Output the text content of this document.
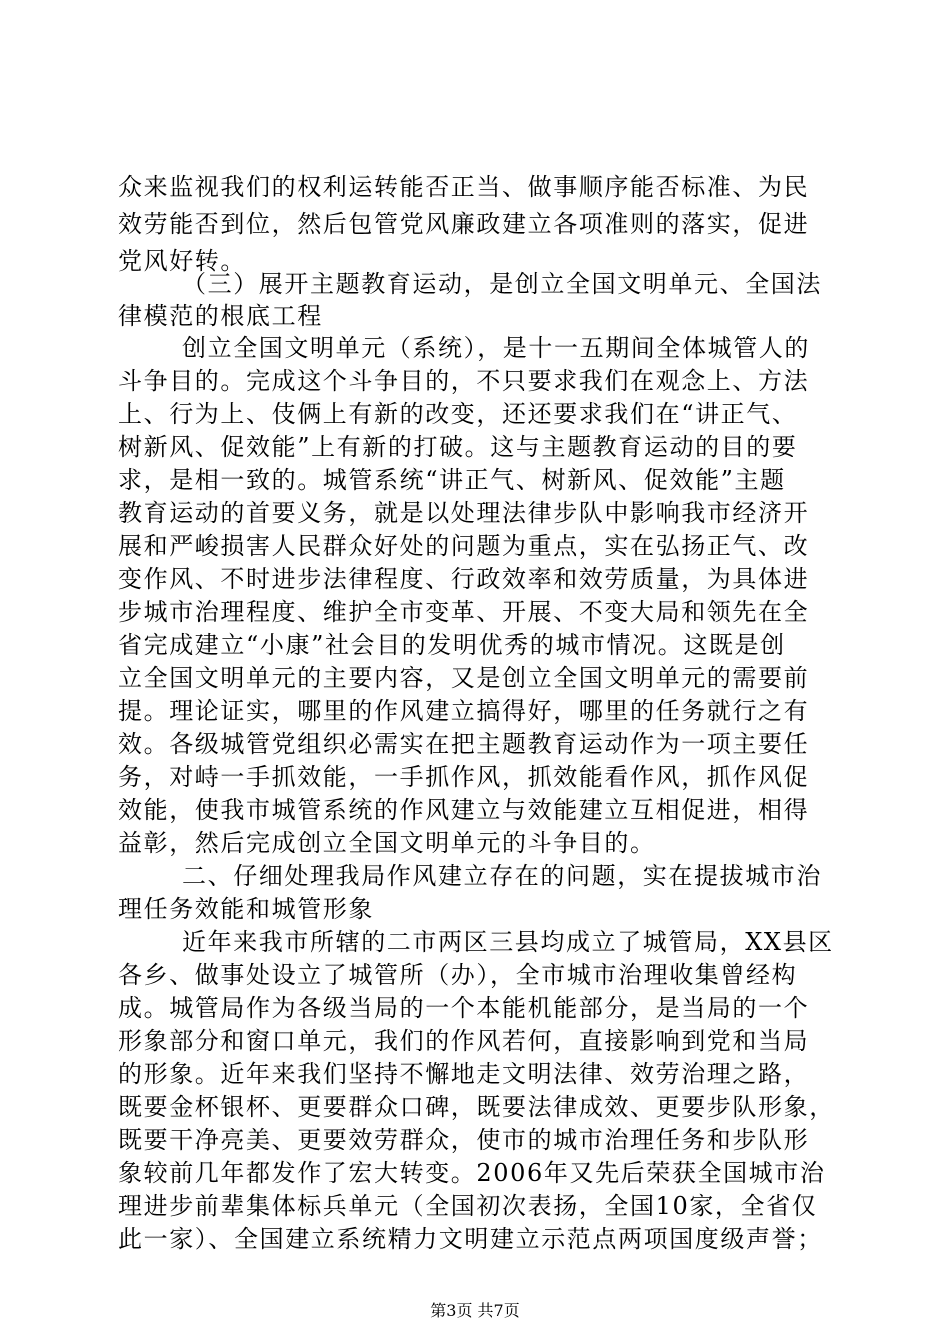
众来监视我们的权利运转能否正当、做事顺序能否标准、为民
效劳能否到位，然后包管党风廉政建立各项准则的落实，促进
党风好转。
（三）展开主题教育运动，是创立全国文明单元、全国法
律模范的根底工程
创立全国文明单元（系统），是十一五期间全体城管人的
斗争目的。完成这个斗争目的，不只要求我们在观念上、方法
上、行为上、伎俩上有新的改变，还还要求我们在“讲正气、
树新风、促效能”上有新的打破。这与主题教育运动的目的要
求，是相一致的。城管系统“讲正气、树新风、促效能”主题
教育运动的首要义务，就是以处理法律步队中影响我市经济开
展和严峻损害人民群众好处的问题为重点，实在弘扬正气、改
变作风、不时进步法律程度、行政效率和效劳质量，为具体进
步城市治理程度、维护全市变革、开展、不变大局和领先在全
省完成建立“小康”社会目的发明优秀的城市情况。这既是创
立全国文明单元的主要内容，又是创立全国文明单元的需要前
提。理论证实，哪里的作风建立搞得好，哪里的任务就行之有
效。各级城管党组织必需实在把主题教育运动作为一项主要任
务，对峙一手抓效能，一手抓作风，抓效能看作风，抓作风促
效能，使我市城管系统的作风建立与效能建立互相促进，相得
益彰，然后完成创立全国文明单元的斗争目的。
二、仔细处理我局作风建立存在的问题，实在提拔城市治
理任务效能和城管形象
近年来我市所辖的二市两区三县均成立了城管局，XX县区
各乡、做事处设立了城管所（办），全市城市治理收集曾经构
成。城管局作为各级当局的一个本能机能部分，是当局的一个
形象部分和窗口单元，我们的作风若何，直接影响到党和当局
的形象。近年来我们坚持不懈地走文明法律、效劳治理之路，
既要金杯银杯、更要群众口碑，既要法律成效、更要步队形象，
既要干净亮美、更要效劳群众，使市的城市治理任务和步队形
象较前几年都发作了宏大转变。2006年又先后荣获全国城市治
理进步前辈集体标兵单元（全国初次表扬，全国10家，全省仅
此一家）、全国建立系统精力文明建立示范点两项国度级声誉；
第3页 共7页
